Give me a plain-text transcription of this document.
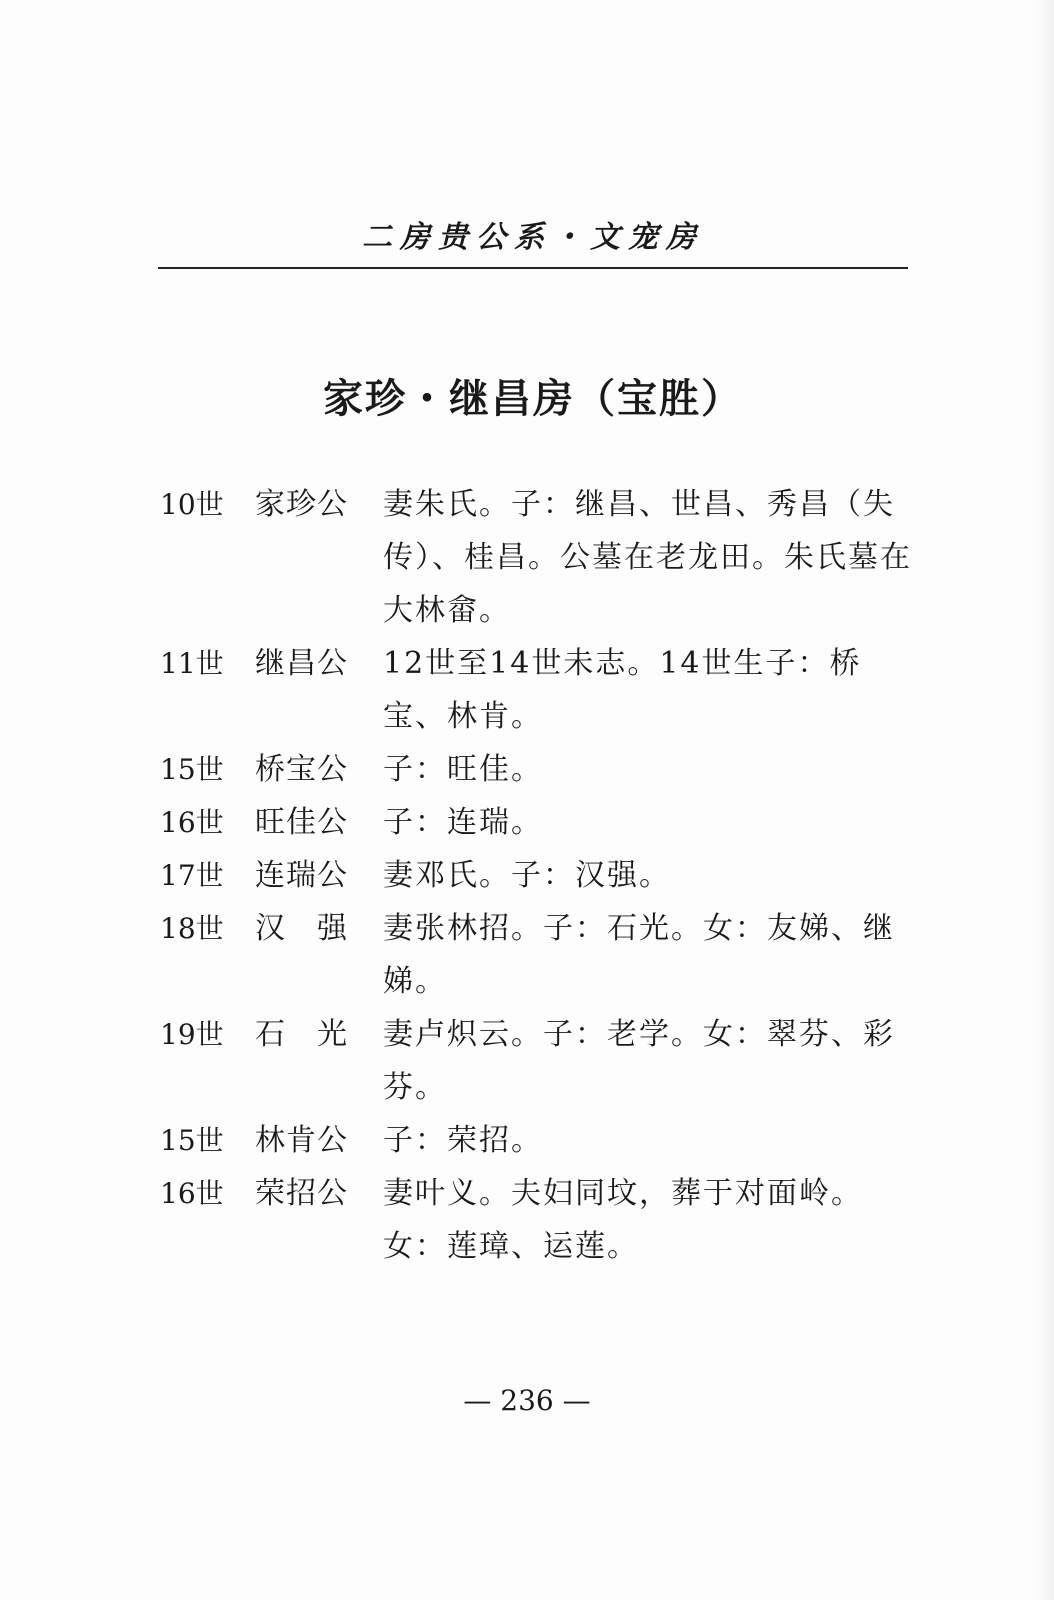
二房贵公系・文宠房
家珍・继昌房（宝胜）
10世	家珍公	妻朱氏。子：继昌、世昌、秀昌（失传）、桂昌。公墓在老龙田。朱氏墓在大林畲。
11世	继昌公	12世至14世未志。14世生子：桥宝、林肯。
15世	桥宝公	子：旺佳。
16世	旺佳公	子：连瑞。
17世	连瑞公	妻邓氏。子：汉强。
18世	汉　强	妻张林招。子：石光。女：友娣、继娣。
19世	石　光	妻卢炽云。子：老学。女：翠芬、彩芬。
15世	林肯公	子：荣招。
16世	荣招公	妻叶义。夫妇同坟，葬于对面岭。女：莲璋、运莲。
— 236 —
